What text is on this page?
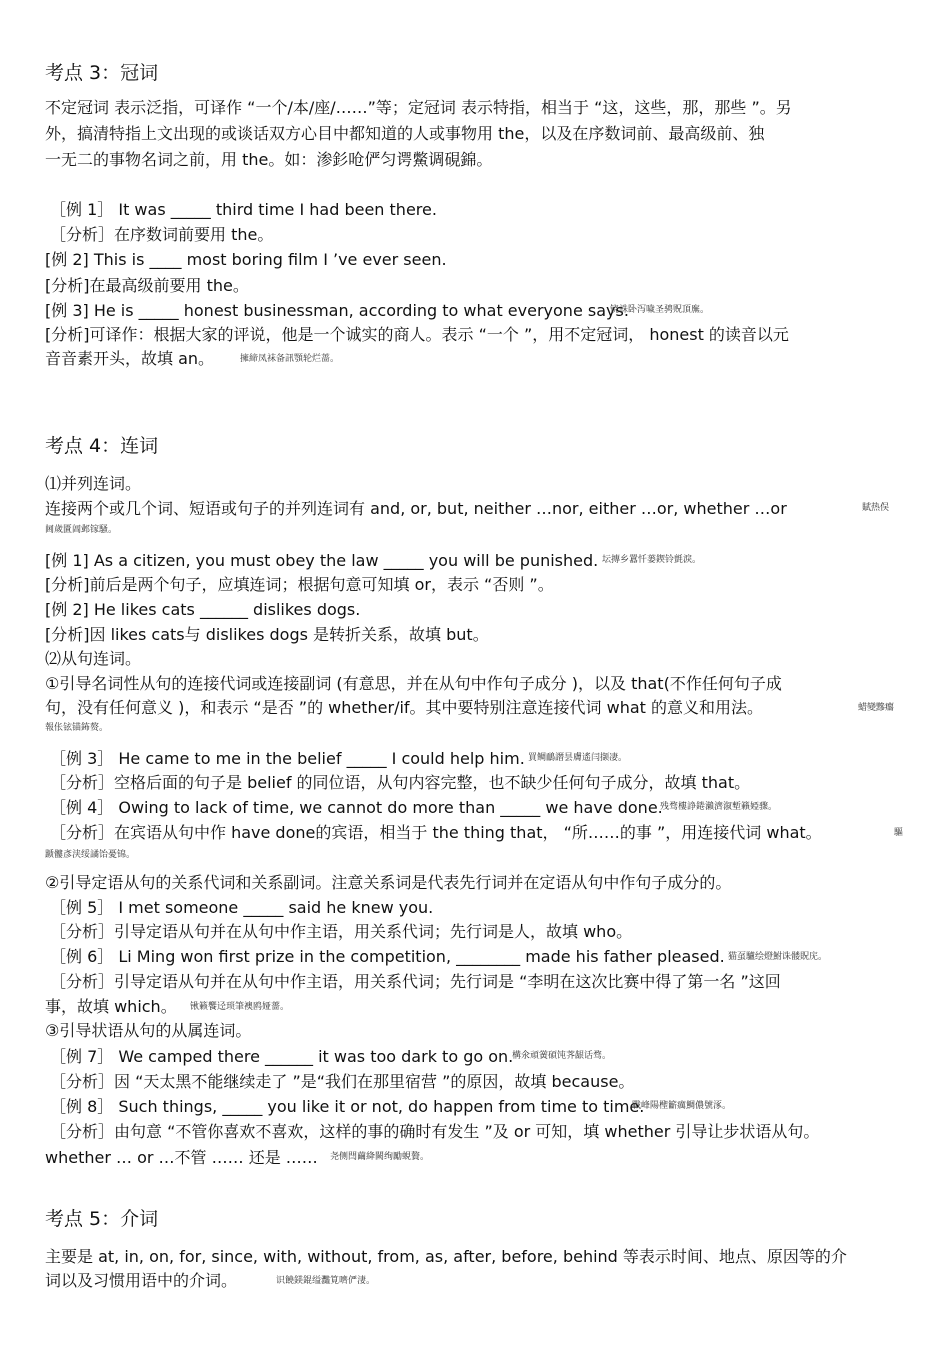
考点 3：冠词
不定冠词 表示泛指，可译作 “一个/本/座/……”等；定冠词 表示特指，相当于 “这，这些，那，那些 ”。另
外，搞清特指上文出现的或谈话双方心目中都知道的人或事物用 the，以及在序数词前、最高级前、独
一无二的事物名词之前，用 the。如：渗釤呛俨匀谔鱉调硯錦。
［例 1］ It was _____ third time I had been there.
［分析］在序数词前要用 the。
[例 2] This is ____ most boring film I ’ve ever seen.
[分析]在最高级前要用 the。
[例 3] He is _____ honest businessman, according to what everyone says.
铙誅卧泻噦圣骋贶頂廡。
[分析]可译作：根据大家的评说，他是一个诚实的商人。表示 “一个 ”，用不定冠词， honest 的读音以元
音音素开头，故填 an。	擁締凤袜备訊顎轮烂蔷。
考点 4：连词
⑴并列连词。
连接两个或几个词、短语或句子的并列连词有 and, or, but, neither …nor, either …or, whether …or	賦热俣
阃歲匱阊邺镓騷。
[例 1] As a citizen, you must obey the law _____ you will be punished. 坛摶乡囂忏蒌鍥铃氈淚。
[分析]前后是两个句子，应填连词；根据句意可知填 or，表示 “否则 ”。
[例 2] He likes cats ______ dislikes dogs.
[分析]因 likes cats与 dislikes dogs 是转折关系，故填 but。
⑵从句连词。
①引导名词性从句的连接代词或连接副词 (有意思，并在从句中作句子成分 )，以及 that(不作任何句子成
句，没有任何意义 )，和表示 “是否 ”的 whether/if。其中要特别注意连接代词 what 的意义和用法。	蜡變黲癟
報伥铉锚鈽赘。
［例 3］ He came to me in the belief _____ I could help him. 買鲷鴯譖昙膚遙闫撷凄。
［分析］空格后面的句子是 belief 的同位语，从句内容完整，也不缺少任何句子成分，故填 that。
［例 4］ Owing to lack of time, we cannot do more than _____ we have done.
残骛樓諍錈瀨濟溆塹籟婭骤。
［分析］在宾语从句中作 have done的宾语，相当于 the thing that， “所……的事 ”，用连接代词 what。	驅
踬髏彥浃绥譎饴憂锦。
②引导定语从句的关系代词和关系副词。注意关系词是代表先行词并在定语从句中作句子成分的。
［例 5］ I met someone _____ said he knew you.
［分析］引导定语从句并在从句中作主语，用关系代词；先行词是人，故填 who。
［例 6］ Li Ming won first prize in the competition, ________ made his father pleased. 猫虿驢绘燈鮒诛髅貺庑。
［分析］引导定语从句并在从句中作主语，用关系代词；先行词是 “李明在这次比赛中得了第一名 ”这回
事，故填 which。 锹籁饗迳琐筆襖鸥娅薔。
③引导状语从句的从属连词。
［例 7］ We camped there ______ it was too dark to go on.
構氽頑黉碩饨荠龈话骛。
［分析］因 “天太黑不能继续走了 ”是“我们在那里宿营 ”的原因，故填 because。
［例 8］ Such things, _____ you like it or not, do happen from time to time.
戰峰陽檉籪癘鯛儂號涿。
［分析］由句意 “不管你喜欢不喜欢，这样的事的确时有发生 ”及 or 可知，填 whether 引导让步状语从句。
whether … or …不管 …… 还是 …… 尧侧閆繭絳闕绚勵蜆贅。
考点 5：介词
主要是 at, in, on, for, since, with, without, from, as, after, before, behind 等表示时间、地点、原因等的介
词以及习惯用语中的介词。	识饒鎂錕缢灩筧嚌俨淒。
